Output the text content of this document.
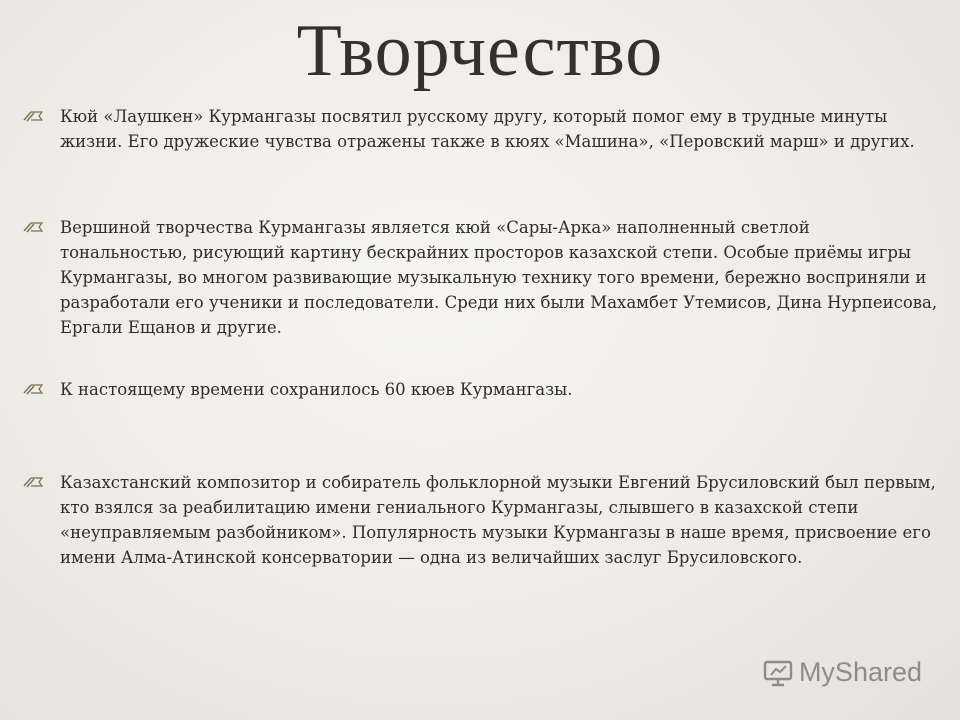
Творчество
Кюй «Лаушкен» Курмангазы посвятил русскому другу, который помог ему в трудные минуты жизни. Его дружеские чувства отражены также в кюях «Машина», «Перовский марш» и других.
Вершиной творчества Курмангазы является кюй «Сары-Арка» наполненный светлой тональностью, рисующий картину бескрайних просторов казахской степи. Особые приёмы игры Курмангазы, во многом развивающие музыкальную технику того времени, бережно восприняли и разработали его ученики и последователи. Среди них были Махамбет Утемисов, Дина Нурпеисова, Ергали Ещанов и другие.
К настоящему времени сохранилось 60 кюев Курмангазы.
Казахстанский композитор и собиратель фольклорной музыки Евгений Брусиловский был первым, кто взялся за реабилитацию имени гениального Курмангазы, слывшего в казахской степи «неуправляемым разбойником». Популярность музыки Курмангазы в наше время, присвоение его имени Алма-Атинской консерватории — одна из величайших заслуг Брусиловского.
MyShared
